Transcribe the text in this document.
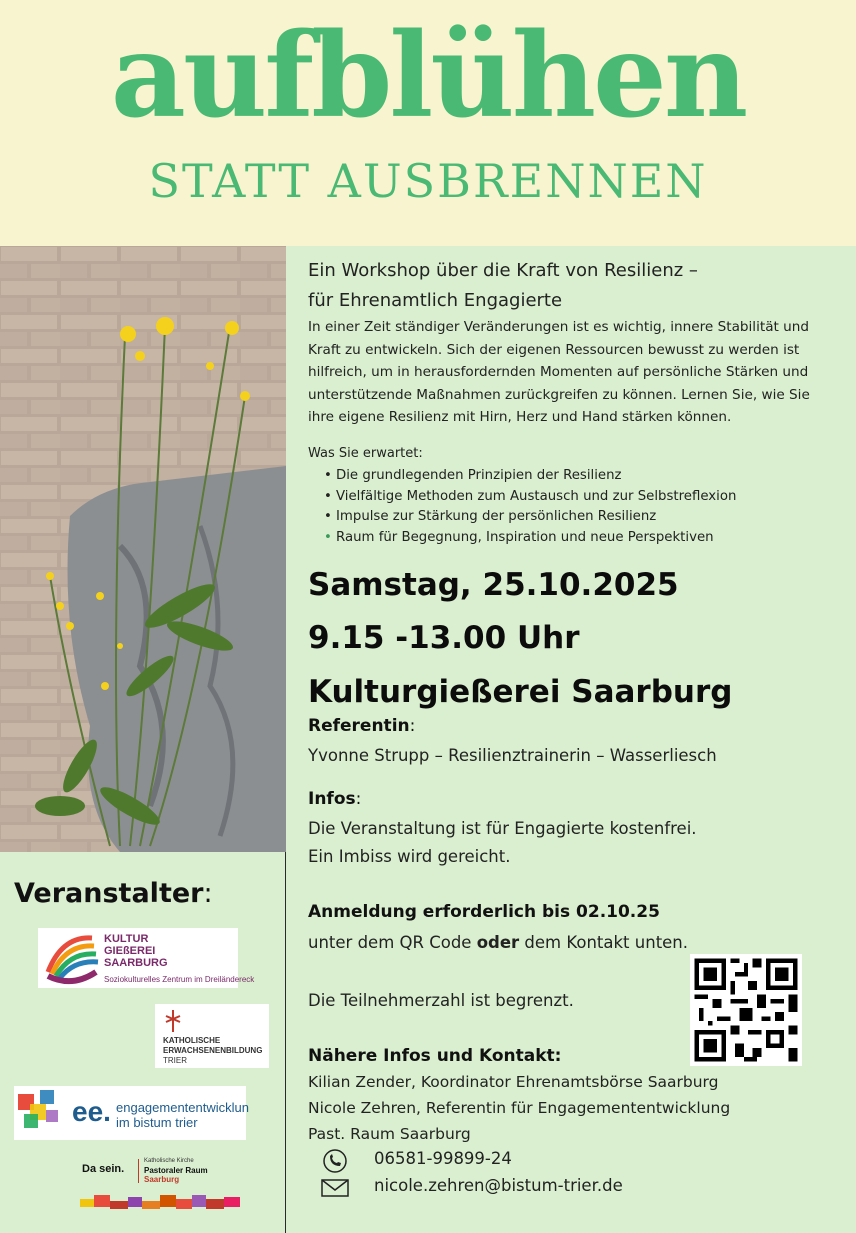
aufblühen
STATT AUSBRENNEN

Ein Workshop über die Kraft von Resilienz –

für Ehrenamtlich Engagierte

In einer Zeit ständiger Veränderungen ist es wichtig, innere Stabilität und

Kraft zu entwickeln. Sich der eigenen Ressourcen bewusst zu werden ist

hilfreich, um in herausfordernden Momenten auf persönliche Stärken und

unterstützende Maßnahmen zurückgreifen zu können. Lernen Sie, wie Sie

ihre eigene Resilienz mit Hirn, Herz und Hand stärken können.

Was Sie erwartet:

• Die grundlegenden Prinzipien der Resilienz
• Vielfältige Methoden zum Austausch und zur Selbstreflexion
• Impulse zur Stärkung der persönlichen Resilienz
• Raum für Begegnung, Inspiration und neue Perspektiven

Samstag, 25.10.2025

9.15 -13.00 Uhr

Kulturgießerei Saarburg

Referentin:

Yvonne Strupp – Resilienztrainerin – Wasserliesch

Infos:

Die Veranstaltung ist für Engagierte kostenfrei.

Ein Imbiss wird gereicht.

Anmeldung erforderlich bis 02.10.25

unter dem QR Code oder dem Kontakt unten.

Die Teilnehmerzahl ist begrenzt.

Nähere Infos und Kontakt:

Kilian Zender, Koordinator Ehrenamtsbörse Saarburg

Nicole Zehren, Referentin für Engagemententwicklung

Past. Raum Saarburg

06581-99899-24
nicole.zehren@bistum-trier.de

Veranstalter:

KULTUR
GIEßEREI
SAARBURG
Soziokulturelles Zentrum im Dreiländereck
KATHOLISCHE
ERWACHSENENBILDUNG
TRIER
ee. engagemententwicklun
im bistum trier
Da sein.
Katholische Kirche
Pastoraler Raum
Saarburg
